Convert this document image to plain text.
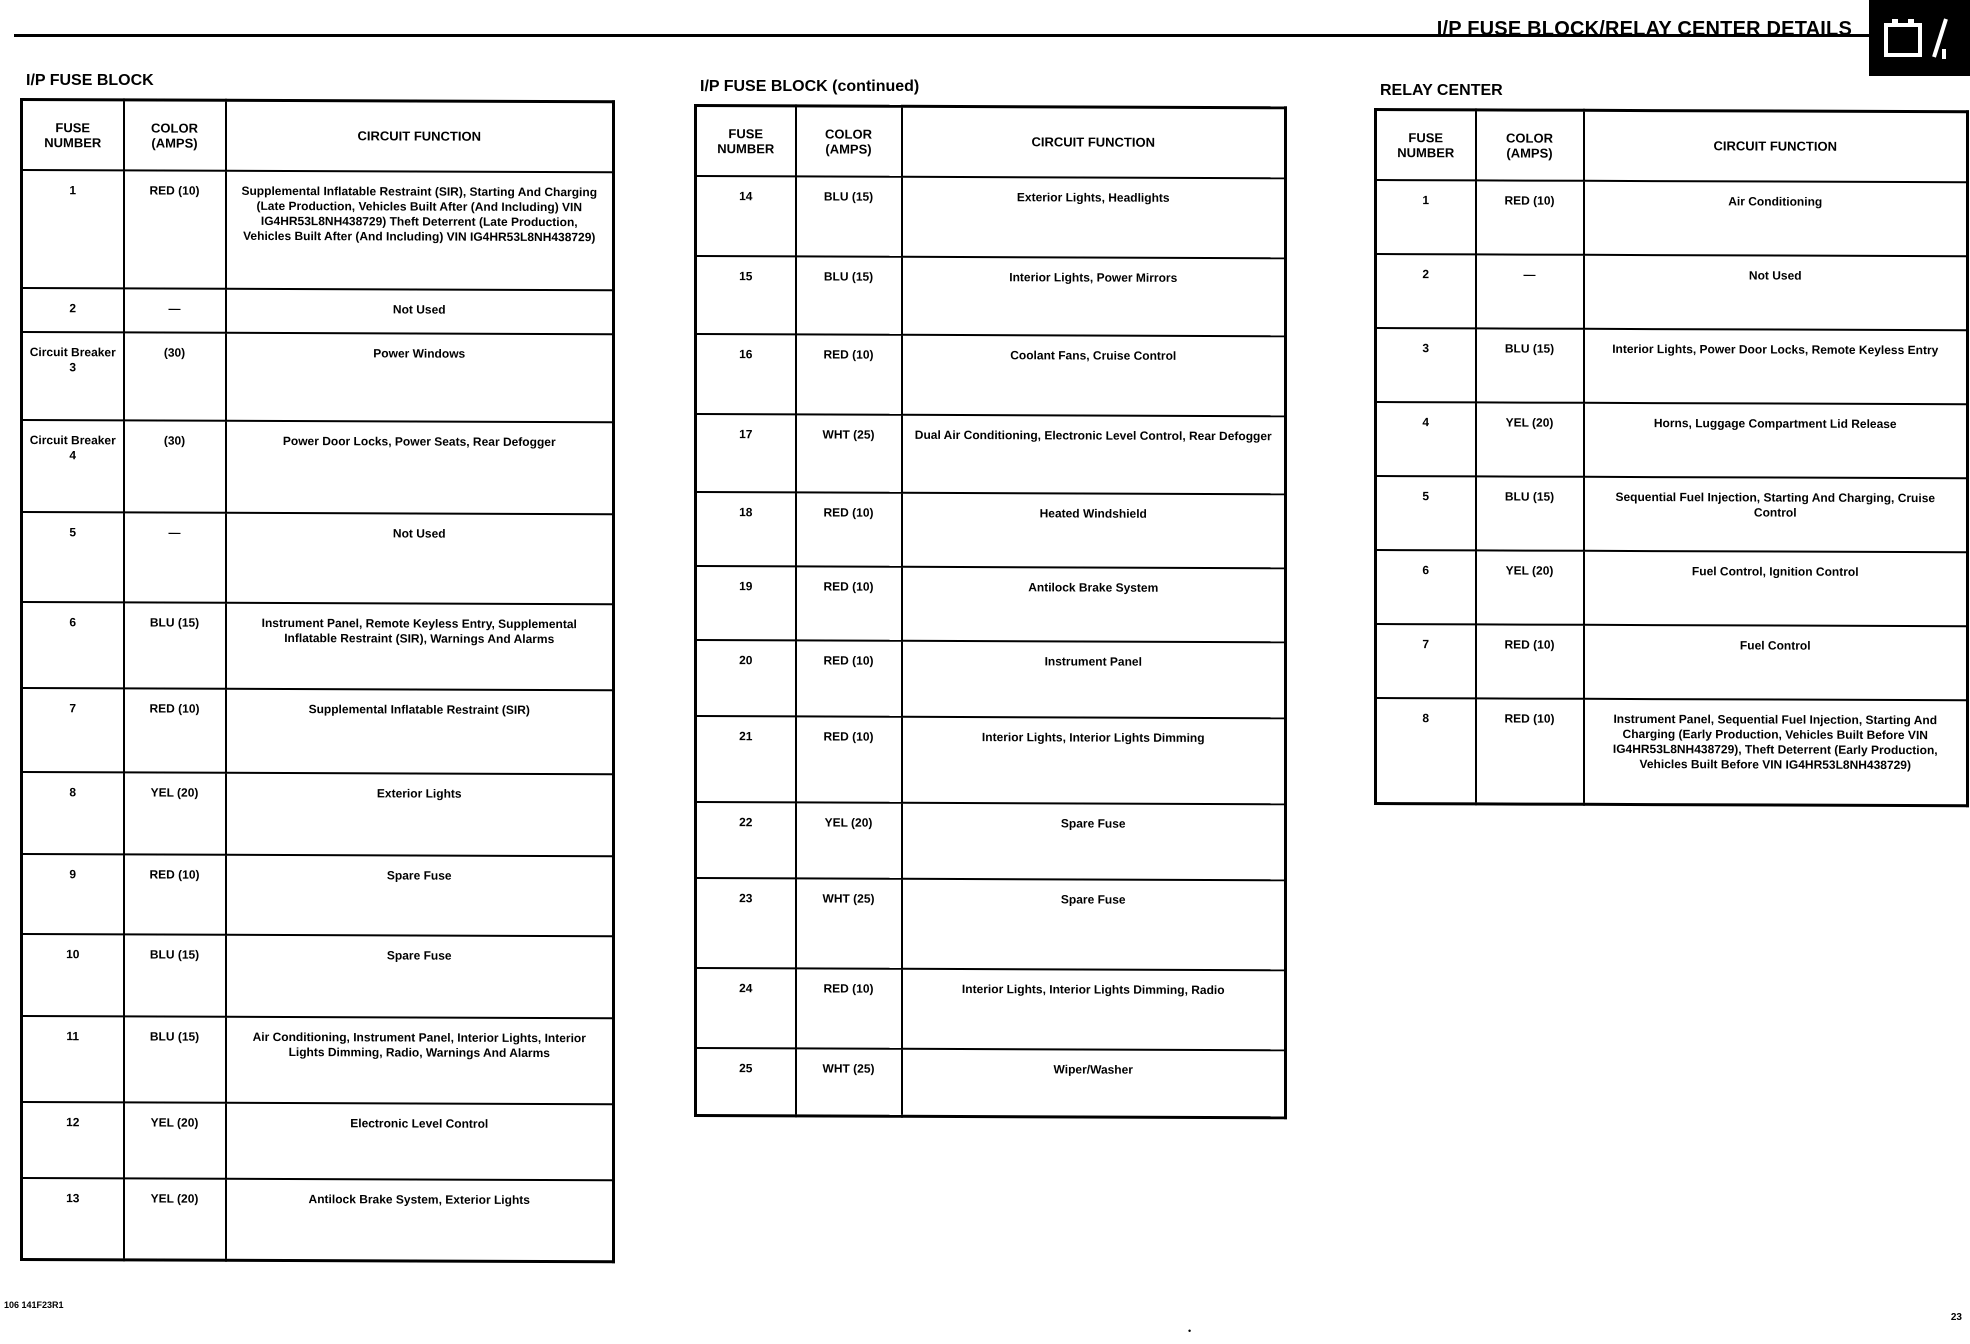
I/P FUSE BLOCK/RELAY CENTER DETAILS
I/P FUSE BLOCK
FUSE NUMBER	COLOR (AMPS)	CIRCUIT FUNCTION
1	RED (10)	Supplemental Inflatable Restraint (SIR), Starting And Charging (Late Production, Vehicles Built After (And Including) VIN IG4HR53L8NH438729) Theft Deterrent (Late Production, Vehicles Built After (And Including) VIN IG4HR53L8NH438729)
2	—	Not Used
Circuit Breaker 3	(30)	Power Windows
Circuit Breaker 4	(30)	Power Door Locks, Power Seats, Rear Defogger
5	—	Not Used
6	BLU (15)	Instrument Panel, Remote Keyless Entry, Supplemental Inflatable Restraint (SIR), Warnings And Alarms
7	RED (10)	Supplemental Inflatable Restraint (SIR)
8	YEL (20)	Exterior Lights
9	RED (10)	Spare Fuse
10	BLU (15)	Spare Fuse
11	BLU (15)	Air Conditioning, Instrument Panel, Interior Lights, Interior Lights Dimming, Radio, Warnings And Alarms
12	YEL (20)	Electronic Level Control
13	YEL (20)	Antilock Brake System, Exterior Lights
I/P FUSE BLOCK (continued)
FUSE NUMBER	COLOR (AMPS)	CIRCUIT FUNCTION
14	BLU (15)	Exterior Lights, Headlights
15	BLU (15)	Interior Lights, Power Mirrors
16	RED (10)	Coolant Fans, Cruise Control
17	WHT (25)	Dual Air Conditioning, Electronic Level Control, Rear Defogger
18	RED (10)	Heated Windshield
19	RED (10)	Antilock Brake System
20	RED (10)	Instrument Panel
21	RED (10)	Interior Lights, Interior Lights Dimming
22	YEL (20)	Spare Fuse
23	WHT (25)	Spare Fuse
24	RED (10)	Interior Lights, Interior Lights Dimming, Radio
25	WHT (25)	Wiper/Washer
RELAY CENTER
FUSE NUMBER	COLOR (AMPS)	CIRCUIT FUNCTION
1	RED (10)	Air Conditioning
2	—	Not Used
3	BLU (15)	Interior Lights, Power Door Locks, Remote Keyless Entry
4	YEL (20)	Horns, Luggage Compartment Lid Release
5	BLU (15)	Sequential Fuel Injection, Starting And Charging, Cruise Control
6	YEL (20)	Fuel Control, Ignition Control
7	RED (10)	Fuel Control
8	RED (10)	Instrument Panel, Sequential Fuel Injection, Starting And Charging (Early Production, Vehicles Built Before VIN IG4HR53L8NH438729), Theft Deterrent (Early Production, Vehicles Built Before VIN IG4HR53L8NH438729)
106 141F23R1
•
23
